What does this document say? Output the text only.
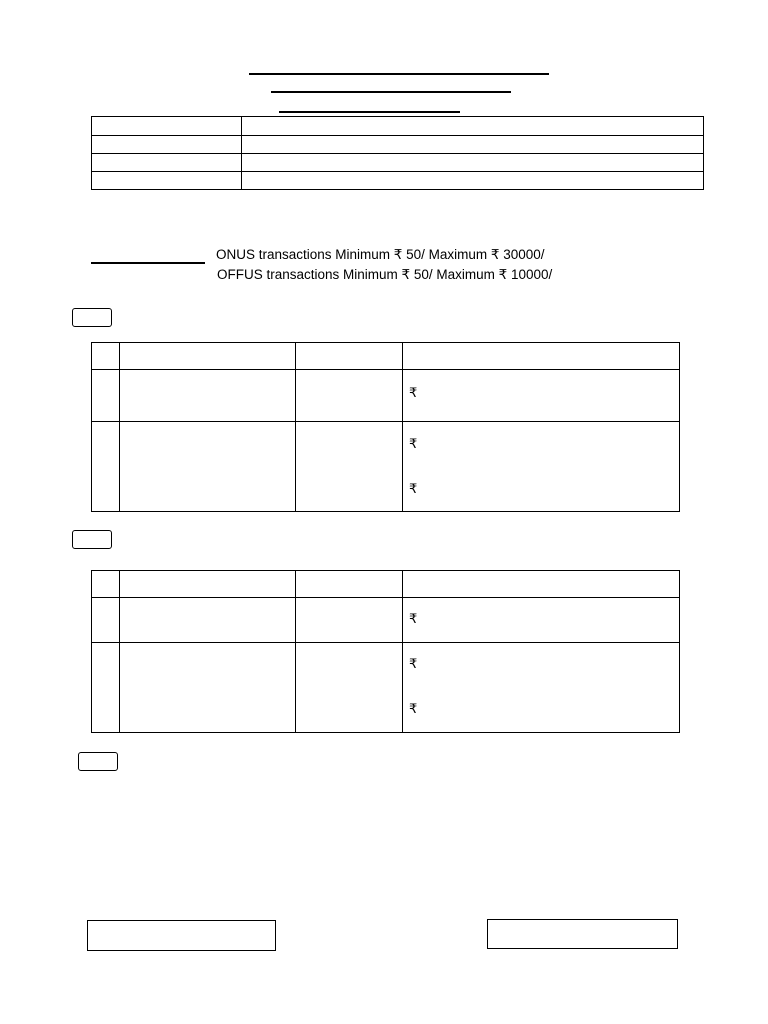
ONUS transactions Minimum ₹ 50/ Maximum ₹ 30000/
OFFUS transactions Minimum ₹ 50/ Maximum ₹ 10000/

			₹

			₹
₹

			₹

			₹
₹
